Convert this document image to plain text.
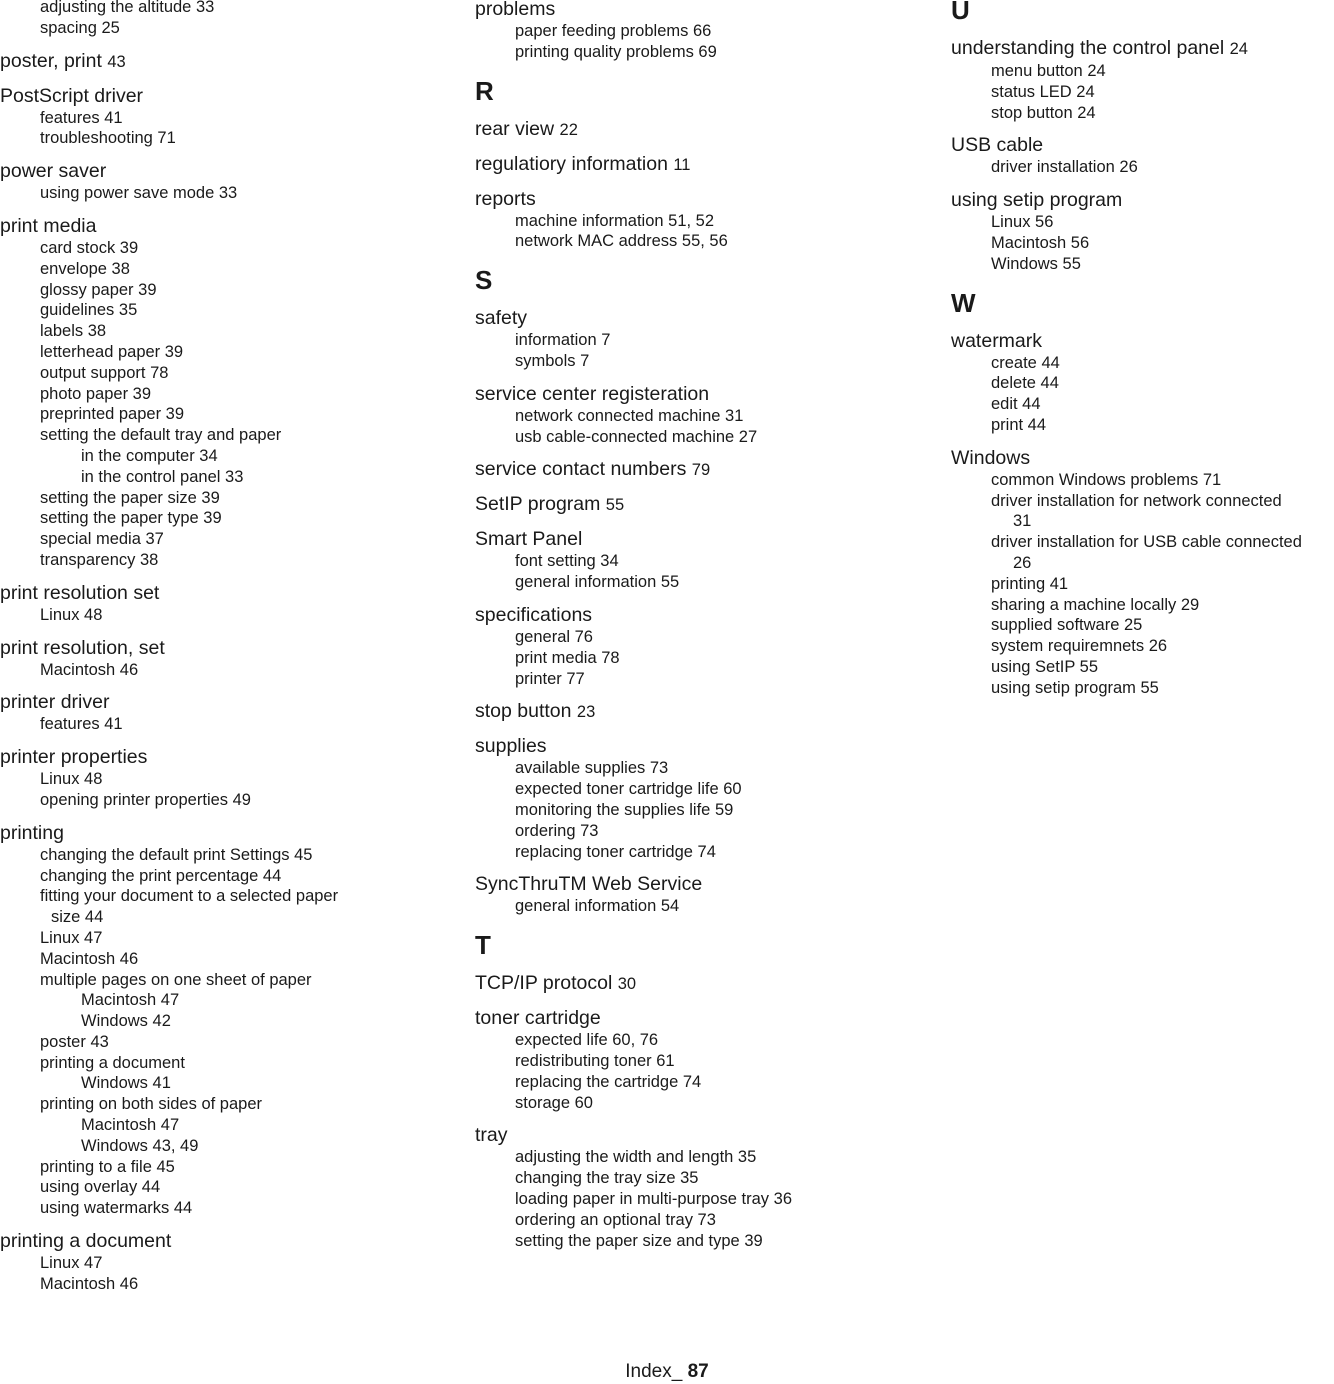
adjusting the altitude 33
spacing 25
poster, print 43
PostScript driver
features 41
troubleshooting 71
power saver
using power save mode 33
print media
card stock 39
envelope 38
glossy paper 39
guidelines 35
labels 38
letterhead paper 39
output support 78
photo paper 39
preprinted paper 39
setting the default tray and paper
in the computer 34
in the control panel 33
setting the paper size 39
setting the paper type 39
special media 37
transparency 38
print resolution set
Linux 48
print resolution, set
Macintosh 46
printer driver
features 41
printer properties
Linux 48
opening printer properties 49
printing
changing the default print Settings 45
changing the print percentage 44
fitting your document to a selected paper
size 44
Linux 47
Macintosh 46
multiple pages on one sheet of paper
Macintosh 47
Windows 42
poster 43
printing a document
Windows 41
printing on both sides of paper
Macintosh 47
Windows 43, 49
printing to a file 45
using overlay 44
using watermarks 44
printing a document
Linux 47
Macintosh 46
problems
paper feeding problems 66
printing quality problems 69
R
rear view 22
regulatiory information 11
reports
machine information 51, 52
network MAC address 55, 56
S
safety
information 7
symbols 7
service center registeration
network connected machine 31
usb cable-connected machine 27
service contact numbers 79
SetIP program 55
Smart Panel
font setting 34
general information 55
specifications
general 76
print media 78
printer 77
stop button 23
supplies
available supplies 73
expected toner cartridge life 60
monitoring the supplies life 59
ordering 73
replacing toner cartridge 74
SyncThruTM Web Service
general information 54
T
TCP/IP protocol 30
toner cartridge
expected life 60, 76
redistributing toner 61
replacing the cartridge 74
storage 60
tray
adjusting the width and length 35
changing the tray size 35
loading paper in multi-purpose tray 36
ordering an optional tray 73
setting the paper size and type 39
U
understanding the control panel 24
menu button 24
status LED 24
stop button 24
USB cable
driver installation 26
using setip program
Linux 56
Macintosh 56
Windows 55
W
watermark
create 44
delete 44
edit 44
print 44
Windows
common Windows problems 71
driver installation for network connected
31
driver installation for USB cable connected
26
printing 41
sharing a machine locally 29
supplied software 25
system requiremnets 26
using SetIP 55
using setip program 55
Index_ 87
